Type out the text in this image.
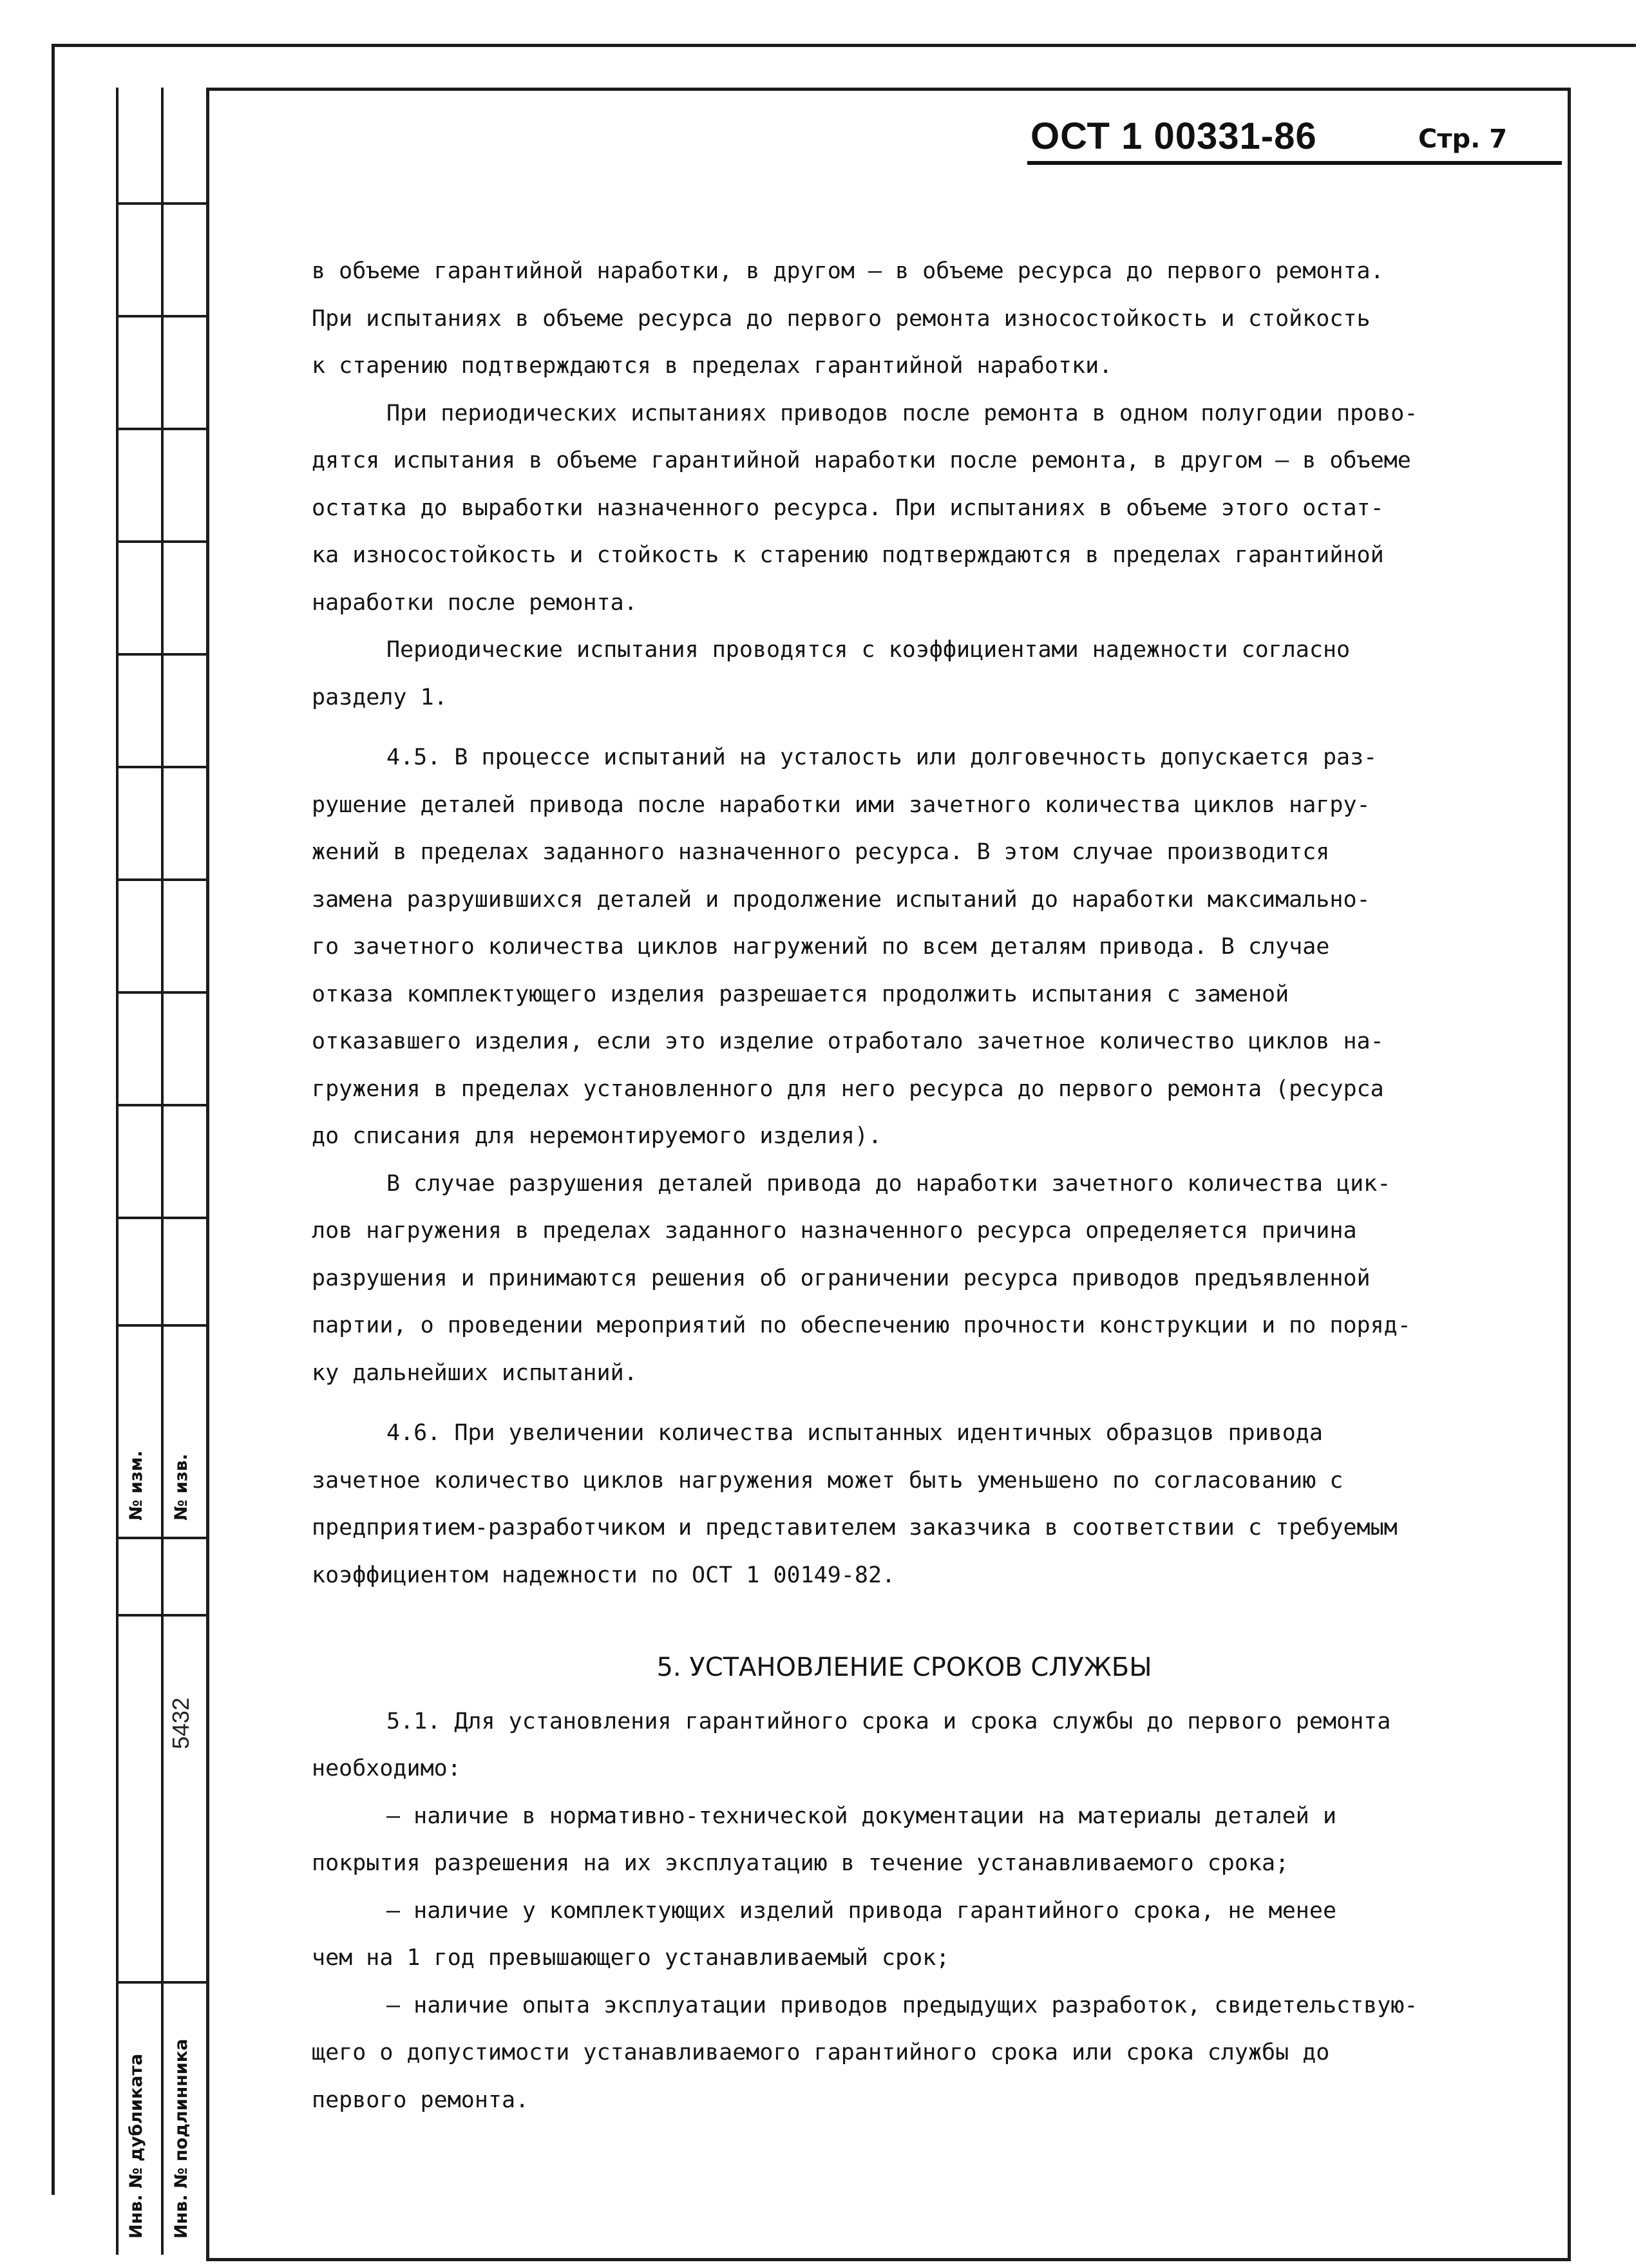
№ изм. № изв.
5432
Инв. № дубликата Инв. № подлинника
ОСТ 1 00331-86	Стр. 7

в объеме гарантийной наработки, в другом – в объеме ресурса до первого ремонта.

При испытаниях в объеме ресурса до первого ремонта износостойкость и стойкость

к старению подтверждаются в пределах гарантийной наработки.

При периодических испытаниях приводов после ремонта в одном полугодии прово-

дятся испытания в объеме гарантийной наработки после ремонта, в другом – в объеме

остатка до выработки назначенного ресурса. При испытаниях в объеме этого остат-

ка износостойкость и стойкость к старению подтверждаются в пределах гарантийной

наработки после ремонта.

Периодические испытания проводятся с коэффициентами надежности согласно

разделу 1.

4.5. В процессе испытаний на усталость или долговечность допускается раз-

рушение деталей привода после наработки ими зачетного количества циклов нагру-

жений в пределах заданного назначенного ресурса. В этом случае производится

замена разрушившихся деталей и продолжение испытаний до наработки максимально-

го зачетного количества циклов нагружений по всем деталям привода. В случае

отказа комплектующего изделия разрешается продолжить испытания с заменой

отказавшего изделия, если это изделие отработало зачетное количество циклов на-

гружения в пределах установленного для него ресурса до первого ремонта (ресурса

до списания для неремонтируемого изделия).

В случае разрушения деталей привода до наработки зачетного количества цик-

лов нагружения в пределах заданного назначенного ресурса определяется причина

разрушения и принимаются решения об ограничении ресурса приводов предъявленной

партии, о проведении мероприятий по обеспечению прочности конструкции и по поряд-

ку дальнейших испытаний.

4.6. При увеличении количества испытанных идентичных образцов привода

зачетное количество циклов нагружения может быть уменьшено по согласованию с

предприятием-разработчиком и представителем заказчика в соответствии с требуемым

коэффициентом надежности по ОСТ 1 00149-82.

5. УСТАНОВЛЕНИЕ СРОКОВ СЛУЖБЫ

5.1. Для установления гарантийного срока и срока службы до первого ремонта

необходимо:

– наличие в нормативно-технической документации на материалы деталей и

покрытия разрешения на их эксплуатацию в течение устанавливаемого срока;

– наличие у комплектующих изделий привода гарантийного срока, не менее

чем на 1 год превышающего устанавливаемый срок;

– наличие опыта эксплуатации приводов предыдущих разработок, свидетельствую-

щего о допустимости устанавливаемого гарантийного срока или срока службы до

первого ремонта.
